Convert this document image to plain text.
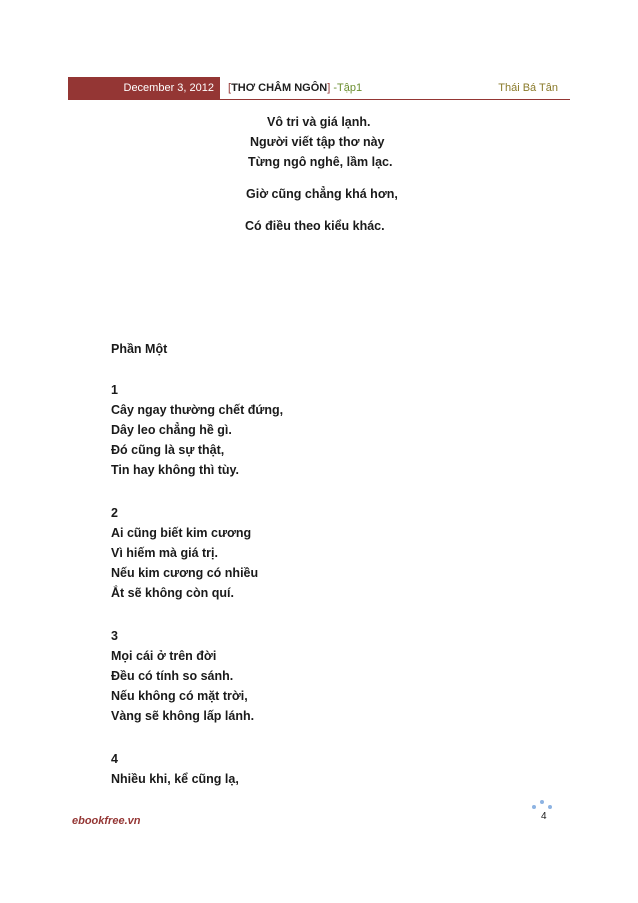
December 3, 2012	[THƠ CHÂM NGÔN] -Tập1	Thái Bá Tân
Vô tri và giá lạnh.
Người viết tập thơ này
Từng ngô nghê, lầm lạc.
Giờ cũng chẳng khá hơn,
Có điều theo kiểu khác.
Phần Một
1
Cây ngay thường chết đứng,
Dây leo chẳng hề gì.
Đó cũng là sự thật,
Tin hay không thì tùy.
2
Ai cũng biết kim cương
Vì hiếm mà giá trị.
Nếu kim cương có nhiều
Ắt sẽ không còn quí.
3
Mọi cái ở trên đời
Đều có tính so sánh.
Nếu không có mặt trời,
Vàng sẽ không lấp lánh.
4
Nhiều khi, kể cũng lạ,
ebookfree.vn	4
